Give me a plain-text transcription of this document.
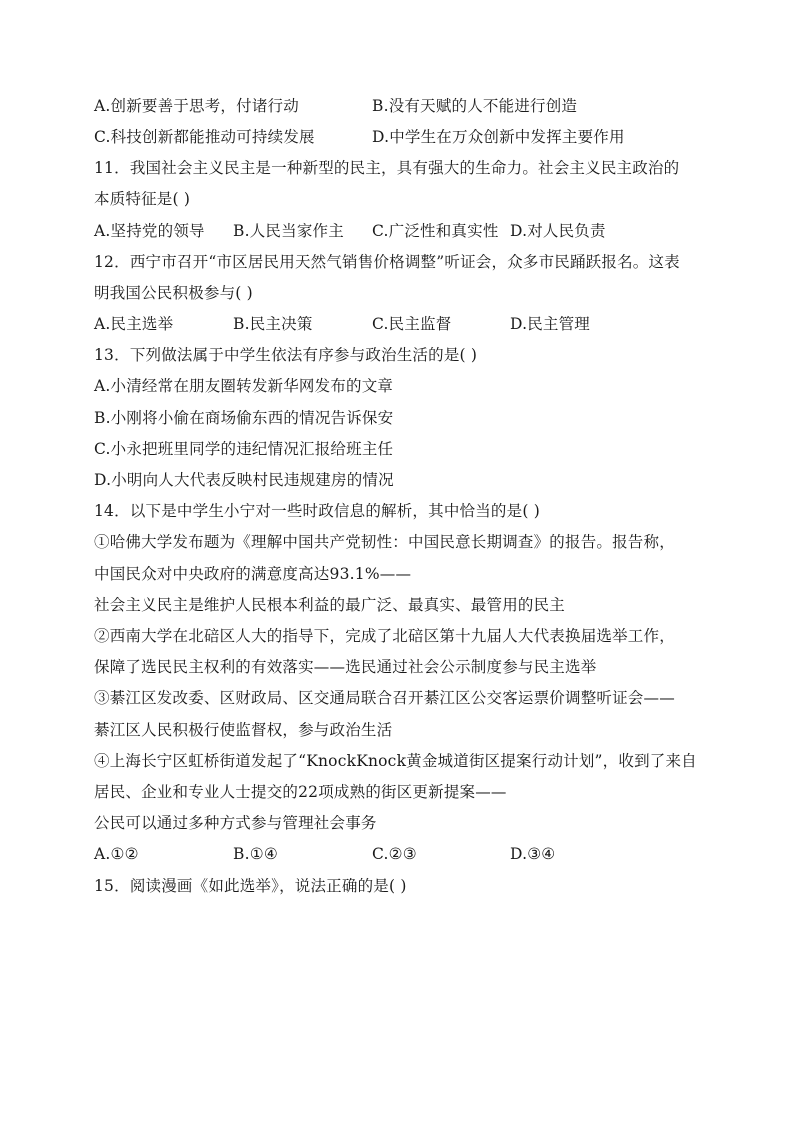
A.创新要善于思考，付诸行动	B.没有天赋的人不能进行创造
C.科技创新都能推动可持续发展	D.中学生在万众创新中发挥主要作用
11．我国社会主义民主是一种新型的民主，具有强大的生命力。社会主义民主政治的
本质特征是( )
A.坚持党的领导 B.人民当家作主 C.广泛性和真实性 D.对人民负责
12．西宁市召开“市区居民用天然气销售价格调整”听证会，众多市民踊跃报名。这表
明我国公民积极参与( )
A.民主选举	B.民主决策	C.民主监督	D.民主管理
13．下列做法属于中学生依法有序参与政治生活的是( )
A.小清经常在朋友圈转发新华网发布的文章
B.小刚将小偷在商场偷东西的情况告诉保安
C.小永把班里同学的违纪情况汇报给班主任
D.小明向人大代表反映村民违规建房的情况
14．以下是中学生小宁对一些时政信息的解析，其中恰当的是( )
①哈佛大学发布题为《理解中国共产党韧性：中国民意长期调查》的报告。报告称，
中国民众对中央政府的满意度高达93.1%——
社会主义民主是维护人民根本利益的最广泛、最真实、最管用的民主
②西南大学在北碚区人大的指导下，完成了北碚区第十九届人大代表换届选举工作，
保障了选民民主权利的有效落实——选民通过社会公示制度参与民主选举
③綦江区发改委、区财政局、区交通局联合召开綦江区公交客运票价调整听证会——
綦江区人民积极行使监督权，参与政治生活
④上海长宁区虹桥街道发起了“KnockKnock黄金城道街区提案行动计划”，收到了来自
居民、企业和专业人士提交的22项成熟的街区更新提案——
公民可以通过多种方式参与管理社会事务
A.①②	B.①④	C.②③	D.③④
15．阅读漫画《如此选举》，说法正确的是( )
